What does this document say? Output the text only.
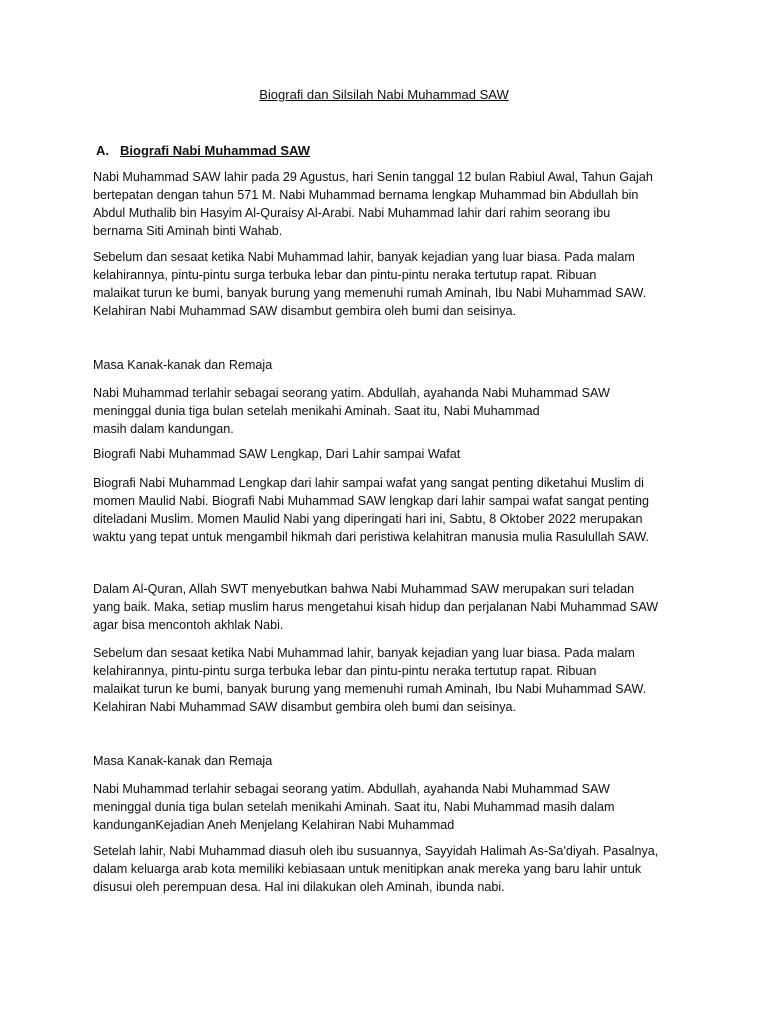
Biografi dan Silsilah Nabi Muhammad SAW
A. Biografi Nabi Muhammad SAW
Nabi Muhammad SAW lahir pada 29 Agustus, hari Senin tanggal 12 bulan Rabiul Awal, Tahun Gajah
bertepatan dengan tahun 571 M. Nabi Muhammad bernama lengkap Muhammad bin Abdullah bin
Abdul Muthalib bin Hasyim Al-Quraisy Al-Arabi. Nabi Muhammad lahir dari rahim seorang ibu
bernama Siti Aminah binti Wahab.
Sebelum dan sesaat ketika Nabi Muhammad lahir, banyak kejadian yang luar biasa. Pada malam
kelahirannya, pintu-pintu surga terbuka lebar dan pintu-pintu neraka tertutup rapat. Ribuan
malaikat turun ke bumi, banyak burung yang memenuhi rumah Aminah, Ibu Nabi Muhammad SAW.
Kelahiran Nabi Muhammad SAW disambut gembira oleh bumi dan seisinya.
Masa Kanak-kanak dan Remaja
Nabi Muhammad terlahir sebagai seorang yatim. Abdullah, ayahanda Nabi Muhammad SAW
meninggal dunia tiga bulan setelah menikahi Aminah. Saat itu, Nabi Muhammad
masih dalam kandungan.
Biografi Nabi Muhammad SAW Lengkap, Dari Lahir sampai Wafat
Biografi Nabi Muhammad Lengkap dari lahir sampai wafat yang sangat penting diketahui Muslim di
momen Maulid Nabi. Biografi Nabi Muhammad SAW lengkap dari lahir sampai wafat sangat penting
diteladani Muslim. Momen Maulid Nabi yang diperingati hari ini, Sabtu, 8 Oktober 2022 merupakan
waktu yang tepat untuk mengambil hikmah dari peristiwa kelahitran manusia mulia Rasulullah SAW.
Dalam Al-Quran, Allah SWT menyebutkan bahwa Nabi Muhammad SAW merupakan suri teladan
yang baik. Maka, setiap muslim harus mengetahui kisah hidup dan perjalanan Nabi Muhammad SAW
agar bisa mencontoh akhlak Nabi.
Sebelum dan sesaat ketika Nabi Muhammad lahir, banyak kejadian yang luar biasa. Pada malam
kelahirannya, pintu-pintu surga terbuka lebar dan pintu-pintu neraka tertutup rapat. Ribuan
malaikat turun ke bumi, banyak burung yang memenuhi rumah Aminah, Ibu Nabi Muhammad SAW.
Kelahiran Nabi Muhammad SAW disambut gembira oleh bumi dan seisinya.
Masa Kanak-kanak dan Remaja
Nabi Muhammad terlahir sebagai seorang yatim. Abdullah, ayahanda Nabi Muhammad SAW
meninggal dunia tiga bulan setelah menikahi Aminah. Saat itu, Nabi Muhammad masih dalam
kandunganKejadian Aneh Menjelang Kelahiran Nabi Muhammad
Setelah lahir, Nabi Muhammad diasuh oleh ibu susuannya, Sayyidah Halimah As-Sa'diyah. Pasalnya,
dalam keluarga arab kota memiliki kebiasaan untuk menitipkan anak mereka yang baru lahir untuk
disusui oleh perempuan desa. Hal ini dilakukan oleh Aminah, ibunda nabi.
